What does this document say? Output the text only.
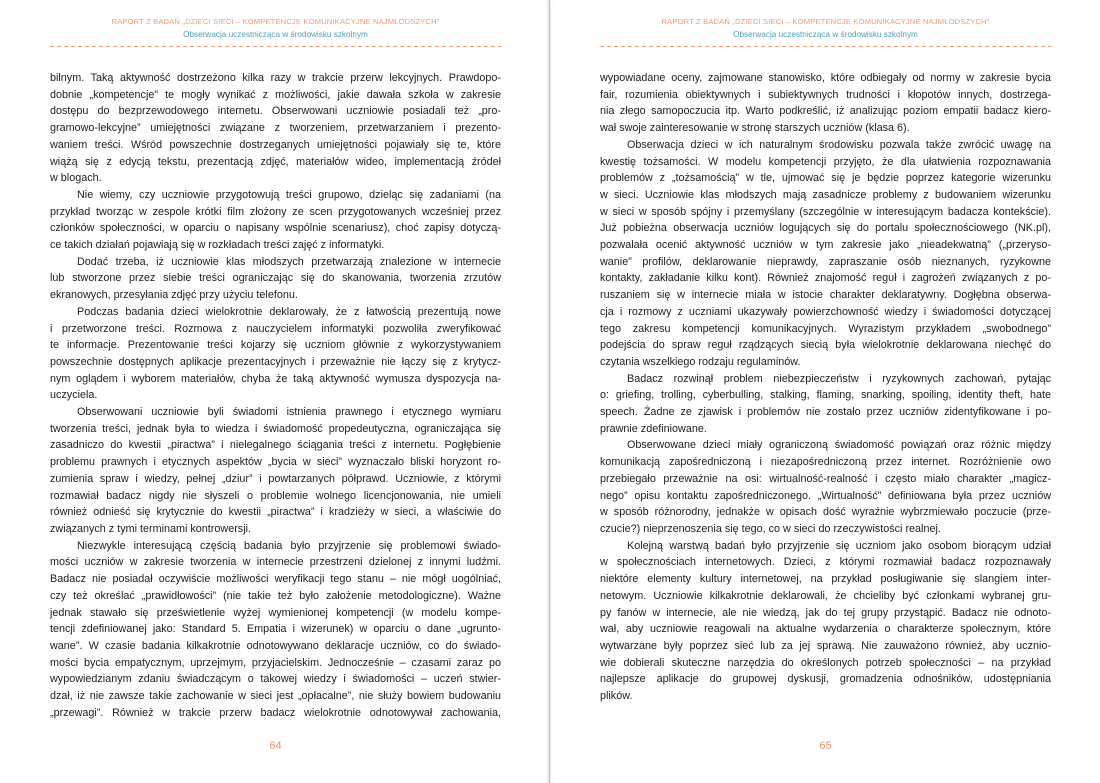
RAPORT Z BADAŃ „DZIECI SIECI – KOMPETENCJE KOMUNIKACYJNE NAJMŁODSZYCH”
Obserwacja uczestnicząca w środowisku szkolnym
bilnym. Taką aktywność dostrzeżono kilka razy w trakcie przerw lekcyjnych. Prawdopo-
dobnie „kompetencje” te mogły wynikać z możliwości, jakie dawała szkoła w zakresie
dostępu do bezprzewodowego internetu. Obserwowani uczniowie posiadali też „pro-
gramowo-lekcyjne” umiejętności związane z tworzeniem, przetwarzaniem i prezento-
waniem treści. Wśród powszechnie dostrzeganych umiejętności pojawiały się te, które
wiążą się z edycją tekstu, prezentacją zdjęć, materiałów wideo, implementacją źródeł
w blogach.
Nie wiemy, czy uczniowie przygotowują treści grupowo, dzieląc się zadaniami (na
przykład tworząc w zespole krótki film złożony ze scen przygotowanych wcześniej przez
członków społeczności, w oparciu o napisany wspólnie scenariusz), choć zapisy dotyczą-
ce takich działań pojawiają się w rozkładach treści zajęć z informatyki.
Dodać trzeba, iż uczniowie klas młodszych przetwarzają znalezione w internecie
lub stworzone przez siebie treści ograniczając się do skanowania, tworzenia zrzutów
ekranowych, przesyłania zdjęć przy użyciu telefonu.
Podczas badania dzieci wielokrotnie deklarowały, że z łatwością prezentują nowe
i przetworzone treści. Rozmowa z nauczycielem informatyki pozwoliła zweryfikować
te informacje. Prezentowanie treści kojarzy się uczniom głównie z wykorzystywaniem
powszechnie dostępnych aplikacje prezentacyjnych i przeważnie nie łączy się z krytycz-
nym oglądem i wyborem materiałów, chyba że taką aktywność wymusza dyspozycja na-
uczyciela.
Obserwowani uczniowie byli świadomi istnienia prawnego i etycznego wymiaru
tworzenia treści, jednak była to wiedza i świadomość propedeutyczna, ograniczająca się
zasadniczo do kwestii „piractwa” i nielegalnego ściągania treści z internetu. Pogłębienie
problemu prawnych i etycznych aspektów „bycia w sieci” wyznaczało bliski horyzont ro-
zumienia spraw i wiedzy, pełnej „dziur” i powtarzanych półprawd. Uczniowie, z którymi
rozmawiał badacz nigdy nie słyszeli o problemie wolnego licencjonowania, nie umieli
również odnieść się krytycznie do kwestii „piractwa” i kradzieży w sieci, a właściwie do
związanych z tymi terminami kontrowersji.
Niezwykle interesującą częścią badania było przyjrzenie się problemowi świado-
mości uczniów w zakresie tworzenia w internecie przestrzeni dzielonej z innymi ludźmi.
Badacz nie posiadał oczywiście możliwości weryfikacji tego stanu – nie mógł uogólniać,
czy też określać „prawidłowości” (nie takie też było założenie metodologiczne). Ważne
jednak stawało się prześwietlenie wyżej wymienionej kompetencji (w modelu kompe-
tencji zdefiniowanej jako: Standard 5. Empatia i wizerunek) w oparciu o dane „ugrunto-
wane”. W czasie badania kilkakrotnie odnotowywano deklaracje uczniów, co do świado-
mości bycia empatycznym, uprzejmym, przyjacielskim. Jednocześnie – czasami zaraz po
wypowiedzianym zdaniu świadczącym o takowej wiedzy i świadomości – uczeń stwier-
dzał, iż nie zawsze takie zachowanie w sieci jest „opłacalne”, nie służy bowiem budowaniu
„przewagi”. Również w trakcie przerw badacz wielokrotnie odnotowywał zachowania,
64
RAPORT Z BADAŃ „DZIECI SIECI – KOMPETENCJE KOMUNIKACYJNE NAJMŁODSZYCH”
Obserwacja uczestnicząca w środowisku szkolnym
wypowiadane oceny, zajmowane stanowisko, które odbiegały od normy w zakresie bycia
fair, rozumienia obiektywnych i subiektywnych trudności i kłopotów innych, dostrzega-
nia złego samopoczucia itp. Warto podkreślić, iż analizując poziom empatii badacz kiero-
wał swoje zainteresowanie w stronę starszych uczniów (klasa 6).
Obserwacja dzieci w ich naturalnym środowisku pozwala także zwrócić uwagę na
kwestię tożsamości. W modelu kompetencji przyjęto, że dla ułatwienia rozpoznawania
problemów z „tożsamością” w tle, ujmować się je będzie poprzez kategorie wizerunku
w sieci. Uczniowie klas młodszych mają zasadnicze problemy z budowaniem wizerunku
w sieci w sposób spójny i przemyślany (szczególnie w interesującym badacza kontekście).
Już pobieżna obserwacja uczniów logujących się do portalu społecznościowego (NK.pl),
pozwalała ocenić aktywność uczniów w tym zakresie jako „nieadekwatną” („przeryso-
wanie” profilów, deklarowanie nieprawdy, zapraszanie osób nieznanych, ryzykowne
kontakty, zakładanie kilku kont). Również znajomość reguł i zagrożeń związanych z po-
ruszaniem się w internecie miała w istocie charakter deklaratywny. Dogłębna obserwa-
cja i rozmowy z uczniami ukazywały powierzchowność wiedzy i świadomości dotyczącej
tego zakresu kompetencji komunikacyjnych. Wyrazistym przykładem „swobodnego”
podejścia do spraw reguł rządzących siecią była wielokrotnie deklarowana niechęć do
czytania wszelkiego rodzaju regulaminów.
Badacz rozwinął problem niebezpieczeństw i ryzykownych zachowań, pytając
o: griefing, trolling, cyberbulling, stalking, flaming, snarking, spoiling, identity theft, hate
speech. Żadne ze zjawisk i problemów nie zostało przez uczniów zidentyfikowane i po-
prawnie zdefiniowane.
Obserwowane dzieci miały ograniczoną świadomość powiązań oraz różnic między
komunikacją zapośredniczoną i niezapośredniczoną przez internet. Rozróżnienie owo
przebiegało przeważnie na osi: wirtualność-realność i często miało charakter „magicz-
nego” opisu kontaktu zapośredniczonego. „Wirtualność” definiowana była przez uczniów
w sposób różnorodny, jednakże w opisach dość wyraźnie wybrzmiewało poczucie (prze-
czucie?) nieprzenoszenia się tego, co w sieci do rzeczywistości realnej.
Kolejną warstwą badań było przyjrzenie się uczniom jako osobom biorącym udział
w społecznościach internetowych. Dzieci, z którymi rozmawiał badacz rozpoznawały
niektóre elementy kultury internetowej, na przykład posługiwanie się slangiem inter-
netowym. Uczniowie kilkakrotnie deklarowali, że chcieliby być członkami wybranej gru-
py fanów w internecie, ale nie wiedzą, jak do tej grupy przystąpić. Badacz nie odnoto-
wał, aby uczniowie reagowali na aktualne wydarzenia o charakterze społecznym, które
wytwarzane były poprzez sieć lub za jej sprawą. Nie zauważono również, aby ucznio-
wie dobierali skuteczne narzędzia do określonych potrzeb społeczności – na przykład
najlepsze aplikacje do grupowej dyskusji, gromadzenia odnośników, udostępniania
plików.
65
